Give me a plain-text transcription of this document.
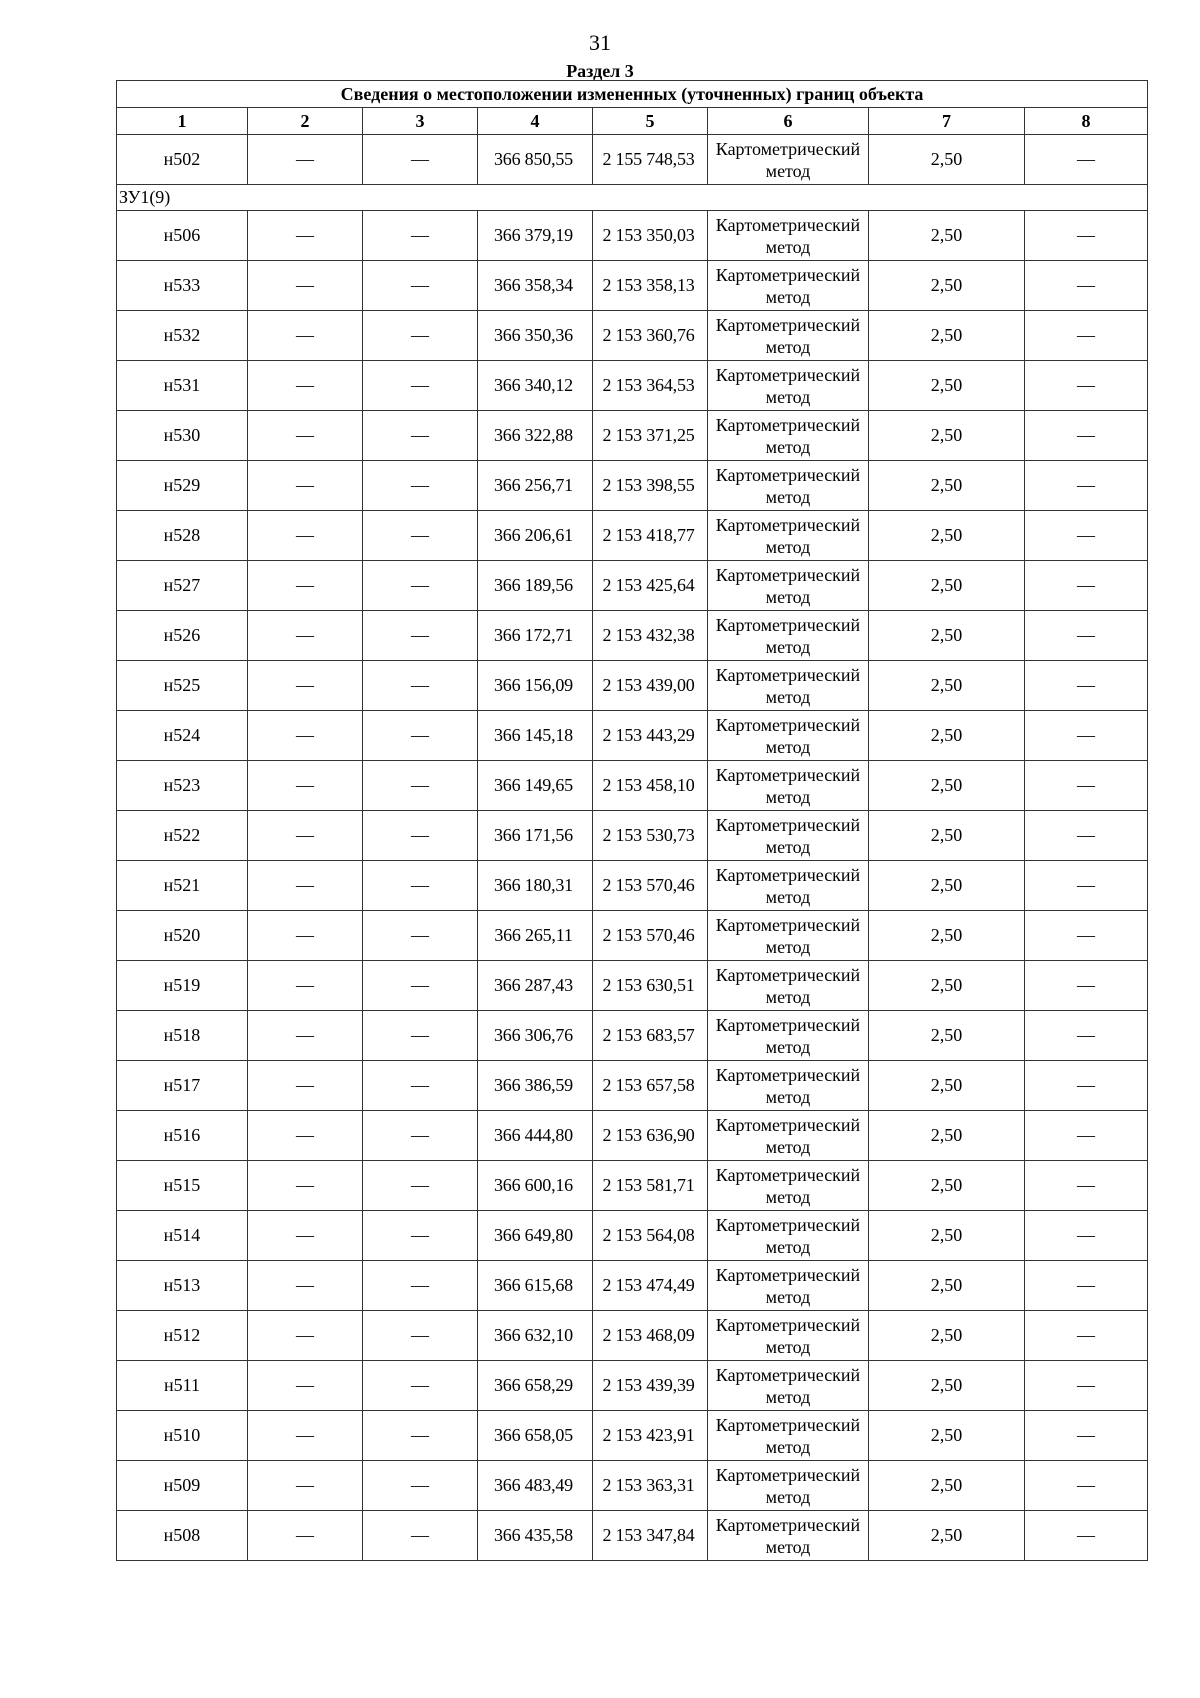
31
Раздел 3
Сведения о местоположении измененных (уточненных) границ объекта							
1	2	3	4	5	6	7	8
н502	—	—	366 850,55	2 155 748,53	Картометрический метод	2,50	—
ЗУ1(9)							
н506	—	—	366 379,19	2 153 350,03	Картометрический метод	2,50	—
н533	—	—	366 358,34	2 153 358,13	Картометрический метод	2,50	—
н532	—	—	366 350,36	2 153 360,76	Картометрический метод	2,50	—
н531	—	—	366 340,12	2 153 364,53	Картометрический метод	2,50	—
н530	—	—	366 322,88	2 153 371,25	Картометрический метод	2,50	—
н529	—	—	366 256,71	2 153 398,55	Картометрический метод	2,50	—
н528	—	—	366 206,61	2 153 418,77	Картометрический метод	2,50	—
н527	—	—	366 189,56	2 153 425,64	Картометрический метод	2,50	—
н526	—	—	366 172,71	2 153 432,38	Картометрический метод	2,50	—
н525	—	—	366 156,09	2 153 439,00	Картометрический метод	2,50	—
н524	—	—	366 145,18	2 153 443,29	Картометрический метод	2,50	—
н523	—	—	366 149,65	2 153 458,10	Картометрический метод	2,50	—
н522	—	—	366 171,56	2 153 530,73	Картометрический метод	2,50	—
н521	—	—	366 180,31	2 153 570,46	Картометрический метод	2,50	—
н520	—	—	366 265,11	2 153 570,46	Картометрический метод	2,50	—
н519	—	—	366 287,43	2 153 630,51	Картометрический метод	2,50	—
н518	—	—	366 306,76	2 153 683,57	Картометрический метод	2,50	—
н517	—	—	366 386,59	2 153 657,58	Картометрический метод	2,50	—
н516	—	—	366 444,80	2 153 636,90	Картометрический метод	2,50	—
н515	—	—	366 600,16	2 153 581,71	Картометрический метод	2,50	—
н514	—	—	366 649,80	2 153 564,08	Картометрический метод	2,50	—
н513	—	—	366 615,68	2 153 474,49	Картометрический метод	2,50	—
н512	—	—	366 632,10	2 153 468,09	Картометрический метод	2,50	—
н511	—	—	366 658,29	2 153 439,39	Картометрический метод	2,50	—
н510	—	—	366 658,05	2 153 423,91	Картометрический метод	2,50	—
н509	—	—	366 483,49	2 153 363,31	Картометрический метод	2,50	—
н508	—	—	366 435,58	2 153 347,84	Картометрический метод	2,50	—
